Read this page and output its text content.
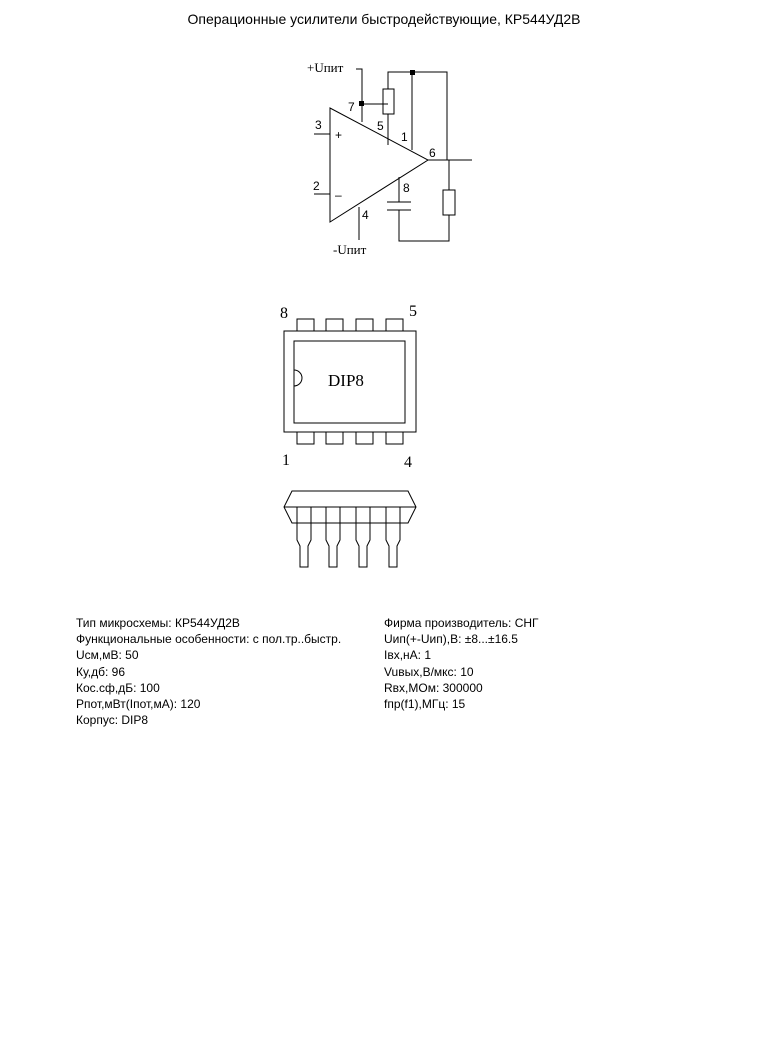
Операционные усилители быстродействующие, КР544УД2В
+Uпит
-Uпит
+
–
3
2
7
5
1
6
8
4
DIP8
8	5
1	4
Тип микросхемы: КР544УД2В
Функциональные особенности: с пол.тр..быстр.
Uсм,мВ: 50
Ку,дб: 96
Кос.сф,дБ: 100
Рпот,мВт(Iпот,мА): 120
Корпус: DIP8
Фирма производитель: СНГ
Uип(+-Uип),В: ±8...±16.5
Iвх,нА: 1
Vuвых,В/мкс: 10
Rвх,МОм: 300000
fпр(f1),МГц: 15
